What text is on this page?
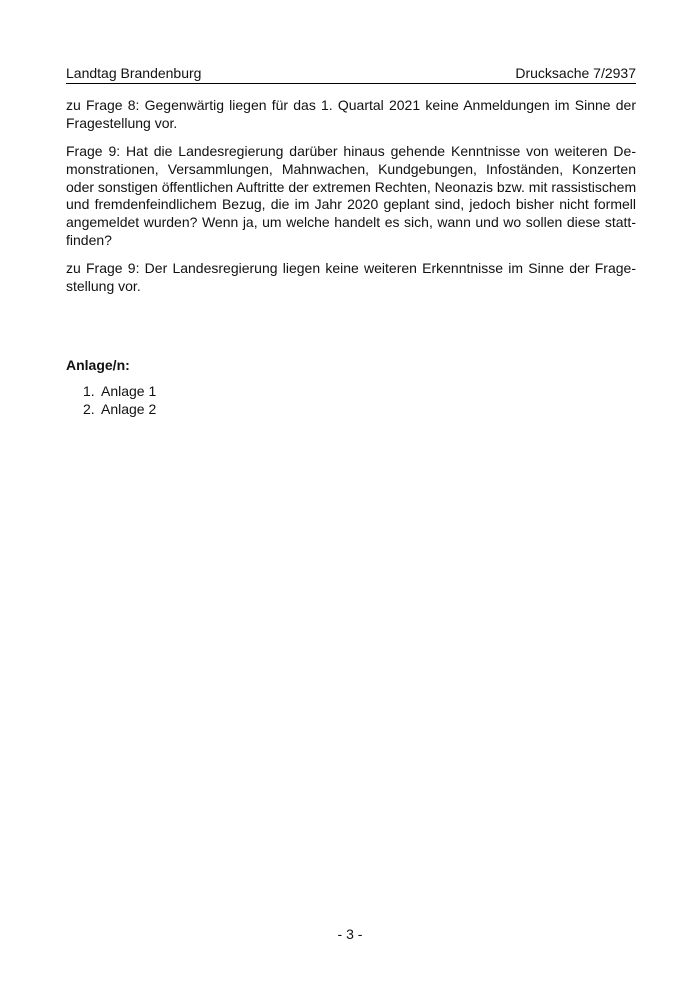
Landtag Brandenburg	Drucksache 7/2937

zu Frage 8: Gegenwärtig liegen für das 1. Quartal 2021 keine Anmeldungen im Sinne der
Fragestellung vor.

Frage 9: Hat die Landesregierung darüber hinaus gehende Kenntnisse von weiteren De-
monstrationen, Versammlungen, Mahnwachen, Kundgebungen, Infoständen, Konzerten
oder sonstigen öffentlichen Auftritte der extremen Rechten, Neonazis bzw. mit rassistischem
und fremdenfeindlichem Bezug, die im Jahr 2020 geplant sind, jedoch bisher nicht formell
angemeldet wurden? Wenn ja, um welche handelt es sich, wann und wo sollen diese statt-
finden?

zu Frage 9: Der Landesregierung liegen keine weiteren Erkenntnisse im Sinne der Frage-
stellung vor.

Anlage/n:
1. Anlage 1
2. Anlage 2
- 3 -
